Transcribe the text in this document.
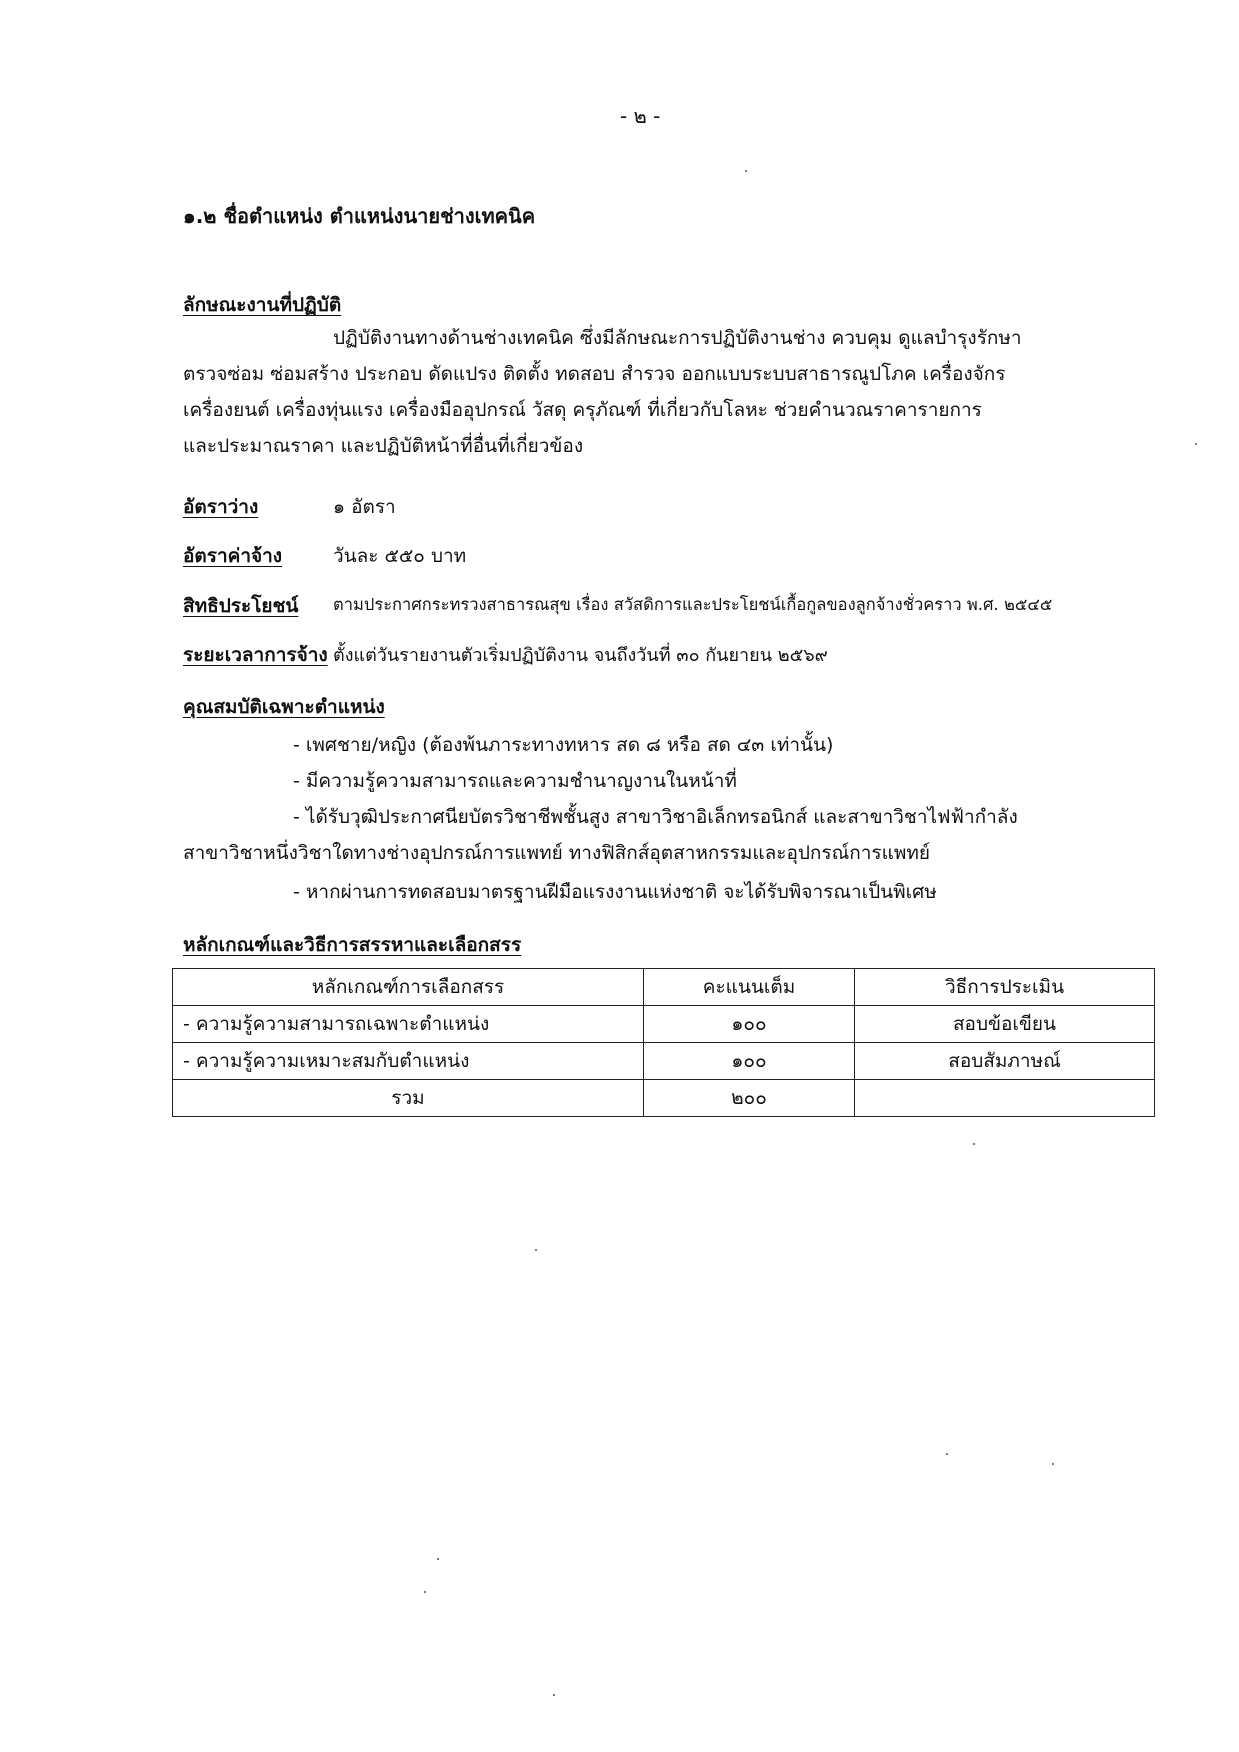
- ๒ -
๑.๒ ชื่อตำแหน่ง ตำแหน่งนายช่างเทคนิค
ลักษณะงานที่ปฏิบัติ
ปฏิบัติงานทางด้านช่างเทคนิค ซึ่งมีลักษณะการปฏิบัติงานช่าง ควบคุม ดูแลบำรุงรักษา
ตรวจซ่อม ซ่อมสร้าง ประกอบ ดัดแปรง ติดตั้ง ทดสอบ สำรวจ ออกแบบระบบสาธารณูปโภค เครื่องจักร
เครื่องยนต์ เครื่องทุ่นแรง เครื่องมืออุปกรณ์ วัสดุ ครุภัณฑ์ ที่เกี่ยวกับโลหะ ช่วยคำนวณราคารายการ
และประมาณราคา และปฏิบัติหน้าที่อื่นที่เกี่ยวข้อง
อัตราว่าง	๑ อัตรา
อัตราค่าจ้าง	วันละ ๕๕๐ บาท
สิทธิประโยชน์ ตามประกาศกระทรวงสาธารณสุข เรื่อง สวัสดิการและประโยชน์เกื้อกูลของลูกจ้างชั่วคราว พ.ศ. ๒๕๔๕
ระยะเวลาการจ้าง ตั้งแต่วันรายงานตัวเริ่มปฏิบัติงาน จนถึงวันที่ ๓๐ กันยายน ๒๕๖๙
คุณสมบัติเฉพาะตำแหน่ง
- เพศชาย/หญิง (ต้องพ้นภาระทางทหาร สด ๘ หรือ สด ๔๓ เท่านั้น)
- มีความรู้ความสามารถและความชำนาญงานในหน้าที่
- ได้รับวุฒิประกาศนียบัตรวิชาชีพชั้นสูง สาขาวิชาอิเล็กทรอนิกส์ และสาขาวิชาไฟฟ้ากำลัง
สาขาวิชาหนึ่งวิชาใดทางช่างอุปกรณ์การแพทย์ ทางฟิสิกส์อุตสาหกรรมและอุปกรณ์การแพทย์
- หากผ่านการทดสอบมาตรฐานฝีมือแรงงานแห่งชาติ จะได้รับพิจารณาเป็นพิเศษ
หลักเกณฑ์และวิธีการสรรหาและเลือกสรร
หลักเกณฑ์การเลือกสรร	คะแนนเต็ม	วิธีการประเมิน
- ความรู้ความสามารถเฉพาะตำแหน่ง	๑๐๐	สอบข้อเขียน
- ความรู้ความเหมาะสมกับตำแหน่ง	๑๐๐	สอบสัมภาษณ์
รวม	๒๐๐	
